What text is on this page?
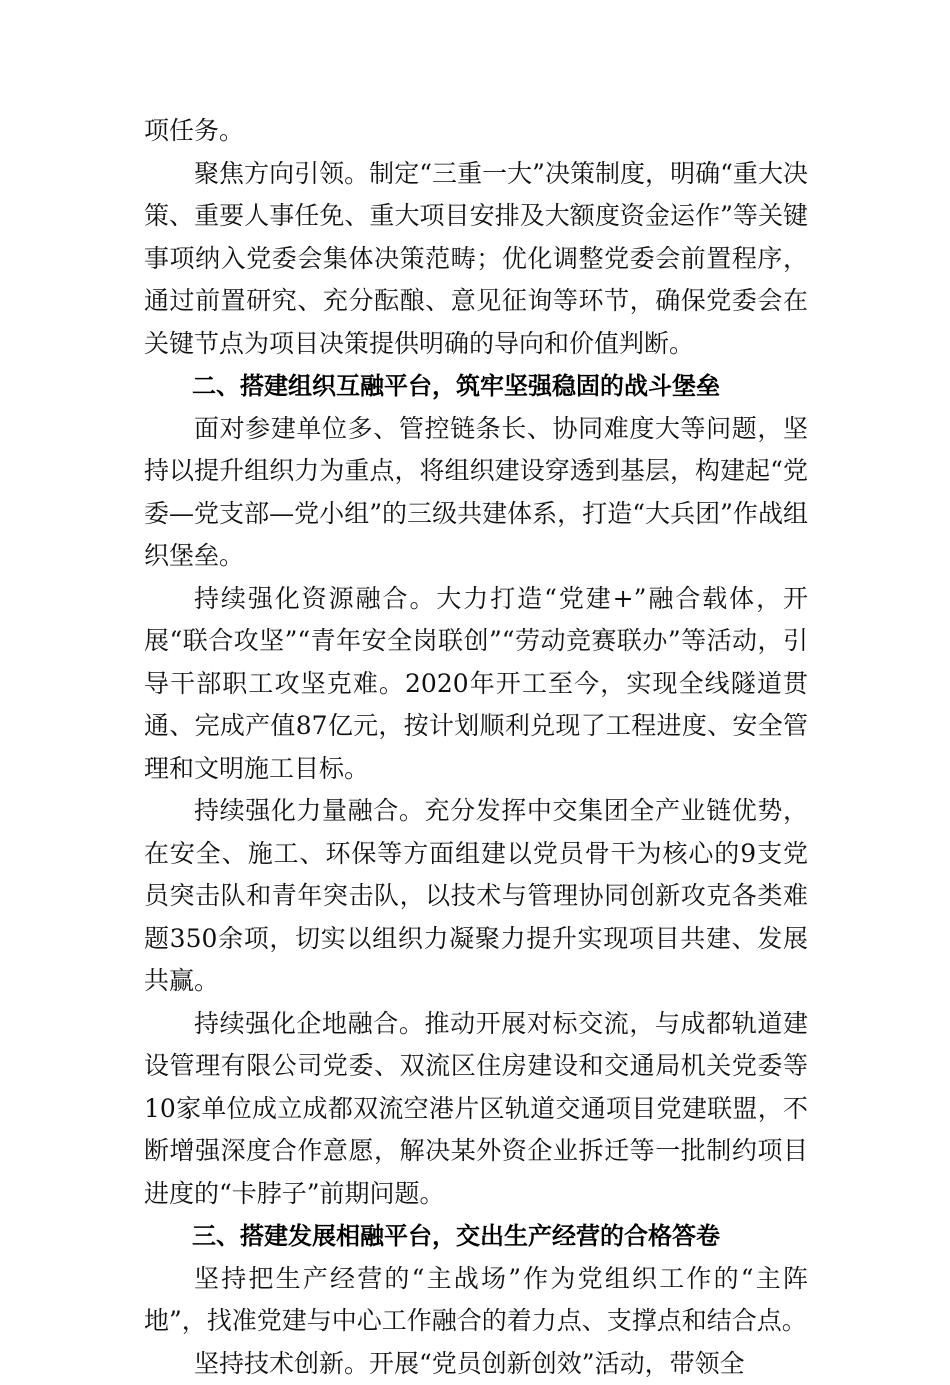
项任务。

聚焦方向引领。制定“三重一大”决策制度，明确“重大决策、重要人事任免、重大项目安排及大额度资金运作”等关键事项纳入党委会集体决策范畴；优化调整党委会前置程序，通过前置研究、充分酝酿、意见征询等环节，确保党委会在关键节点为项目决策提供明确的导向和价值判断。

二、搭建组织互融平台，筑牢坚强稳固的战斗堡垒

面对参建单位多、管控链条长、协同难度大等问题，坚持以提升组织力为重点，将组织建设穿透到基层，构建起“党委—党支部—党小组”的三级共建体系，打造“大兵团”作战组织堡垒。

持续强化资源融合。大力打造“党建+”融合载体，开展“联合攻坚”“青年安全岗联创”“劳动竞赛联办”等活动，引导干部职工攻坚克难。2020年开工至今，实现全线隧道贯通、完成产值87亿元，按计划顺利兑现了工程进度、安全管理和文明施工目标。

持续强化力量融合。充分发挥中交集团全产业链优势，在安全、施工、环保等方面组建以党员骨干为核心的9支党员突击队和青年突击队，以技术与管理协同创新攻克各类难题350余项，切实以组织力凝聚力提升实现项目共建、发展共赢。

持续强化企地融合。推动开展对标交流，与成都轨道建设管理有限公司党委、双流区住房建设和交通局机关党委等10家单位成立成都双流空港片区轨道交通项目党建联盟，不断增强深度合作意愿，解决某外资企业拆迁等一批制约项目进度的“卡脖子”前期问题。

三、搭建发展相融平台，交出生产经营的合格答卷

坚持把生产经营的“主战场”作为党组织工作的“主阵地”，找准党建与中心工作融合的着力点、支撑点和结合点。

坚持技术创新。开展“党员创新创效”活动，带领全
